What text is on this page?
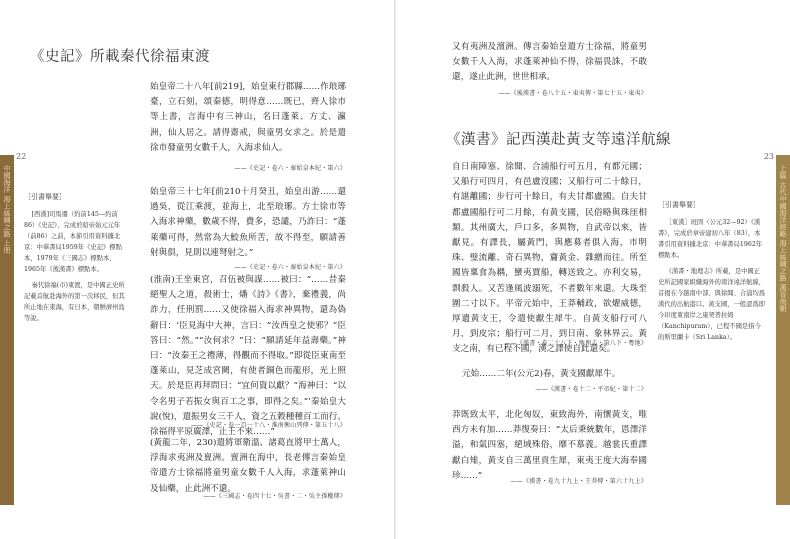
22
中國海洋 海上絲綢之路 上冊
《史記》所載秦代徐福東渡
始皇帝二十八年[前219]，始皇東行郡縣……作琅琊臺，立石刻，頌秦德，明得意……既已，齊人徐市等上書，言海中有三神山，名曰蓬萊、方丈、瀛洲，仙人居之。請得齋戒，與童男女求之。於是遣徐市發童男女數千人，入海求仙人。
——《史記・卷六・秦始皇本紀・第六》
始皇帝三十七年[前210十月癸丑，始皇出游……還過吳，從江乘渡，並海上，北至琅琊。方士徐市等入海求神藥，數歲不得，費多，恐譴，乃詐曰：“蓬萊藥可得，然常為大鮫魚所苦，故不得至，願請善射與俱，見則以連弩射之。”
——《史記・卷六・秦始皇本紀・第六》
(淮南)王坐東宮，召伍被與謀……被曰：“……昔秦絕聖人之道，殺術士，燔《詩》《書》，棄禮義，尚詐力，任刑罰……又使徐福入海求神異物，還為偽辭曰：‘臣見海中大神，言曰：“汝西皇之使邪？”臣答曰：“然。”“汝何求？”曰：“願請延年益壽藥。”神曰：“汝秦王之禮薄，得觀而不得取。”即從臣東南至蓬萊山，見芝成宮闕，有使者銅色而龍形，光上照天。於是臣再拜問曰：“宜何資以獻？”海神曰：“以令名男子若振女與百工之事，即得之矣。”’秦始皇大說(悅)，遣振男女三千人，資之五穀種種百工而行。徐福得平原廣澤，止王不來……”
——《史記・卷一百一十八・淮南衡山列傳・第五十八》
(黃龍二年，230)遣將軍衛溫、諸葛直將甲士萬人，浮海求夷洲及亶洲。亶洲在海中，長老傳言秦始皇帝遣方士徐福將童男童女數千人入海，求蓬萊神山及仙藥，止此洲不還。
——《三國志・卷四十七・吳書・二・吳主孫權傳》
［引書舉要］

[西漢]司馬遷（約前145—約前86）《史記》，完成於昭帝始元元年（前86）之前，本節引用資料據北京：中華書局1959年《史記》標點本，1979年《三國志》標點本，1965年《後漢書》標點本。

秦代徐福(市)東渡，是中國正史所記載首航赴海外的第一次移民，但其所止地在東海，有日本、朝鮮濟州島等說。

23
上篇 古代中國海洋經略 海上絲綢之路 漢晉南朝
又有夷洲及澶洲。傳言秦始皇遣方士徐福，將童男女數千人入海，求蓬萊神仙不得，徐福畏誅，不敢還，遂止此洲，世世相承。
——《後漢書・卷八十五・東夷傳・第七十五・東夷》
《漢書》記西漢赴黃支等遠洋航線
自日南障塞、徐聞、合浦船行可五月，有都元國；又船行可四月，有邑盧沒國；又船行可二十餘日，有諶離國；步行可十餘日，有夫甘都盧國。自夫甘都盧國船行可二月餘，有黃支國，民俗略與珠厓相類。其州廣大，戶口多，多異物，自武帝以來，皆獻見。有譯長，屬黃門，與應募者俱入海，市明珠、璧流離、奇石異物，齎黃金、雜繒而往。所至國皆稟食為耦，蠻夷賈船，轉送致之。亦利交易，剽殺人。又苦逢風波溺死，不者數年來還。大珠至圍二寸以下。平帝元始中，王莽輔政，欲燿威德，厚遺黃支王，令遣使獻生犀牛。自黃支船行可八月，到皮宗；船行可二月，到日南、象林界云。黃支之南，有已程不國，漢之譯使自此還矣。
——《漢書・卷二十八下・地理志・第八下・粵地》
元始……二年(公元2)春，黃支國獻犀牛。
——《漢書・卷十二・平帝紀・第十二》
莽既致太平，北化匈奴，東致海外，南懷黃支，唯西方未有加……莽復奏曰：“太后秉統數年，恩澤洋溢，和氣四塞，絕域殊俗，靡不慕義。越裳氏重譯獻白雉，黃支自三萬里貢生犀，東夷王度大海奉國珍……”
——《漢書・卷九十九上・王莽傳・第六十九上》
［引書舉要］

［東漢］班固（公元32—92）《漢書》，完成於章帝建初八年（83），本書引用資料據北京：中華書局1962年標點本。

《漢書・地理志》所載，是中國正史所記國家組織海外的南洋遠洋航線，首揭在今越南中部、與徐聞、合浦均爲漢代的出航港口。黃支國，一般認爲即今印度東南岸之康契普拉姆（Kanchipuram），已程不國是指今的斯里蘭卡（Sri Lanka）。
